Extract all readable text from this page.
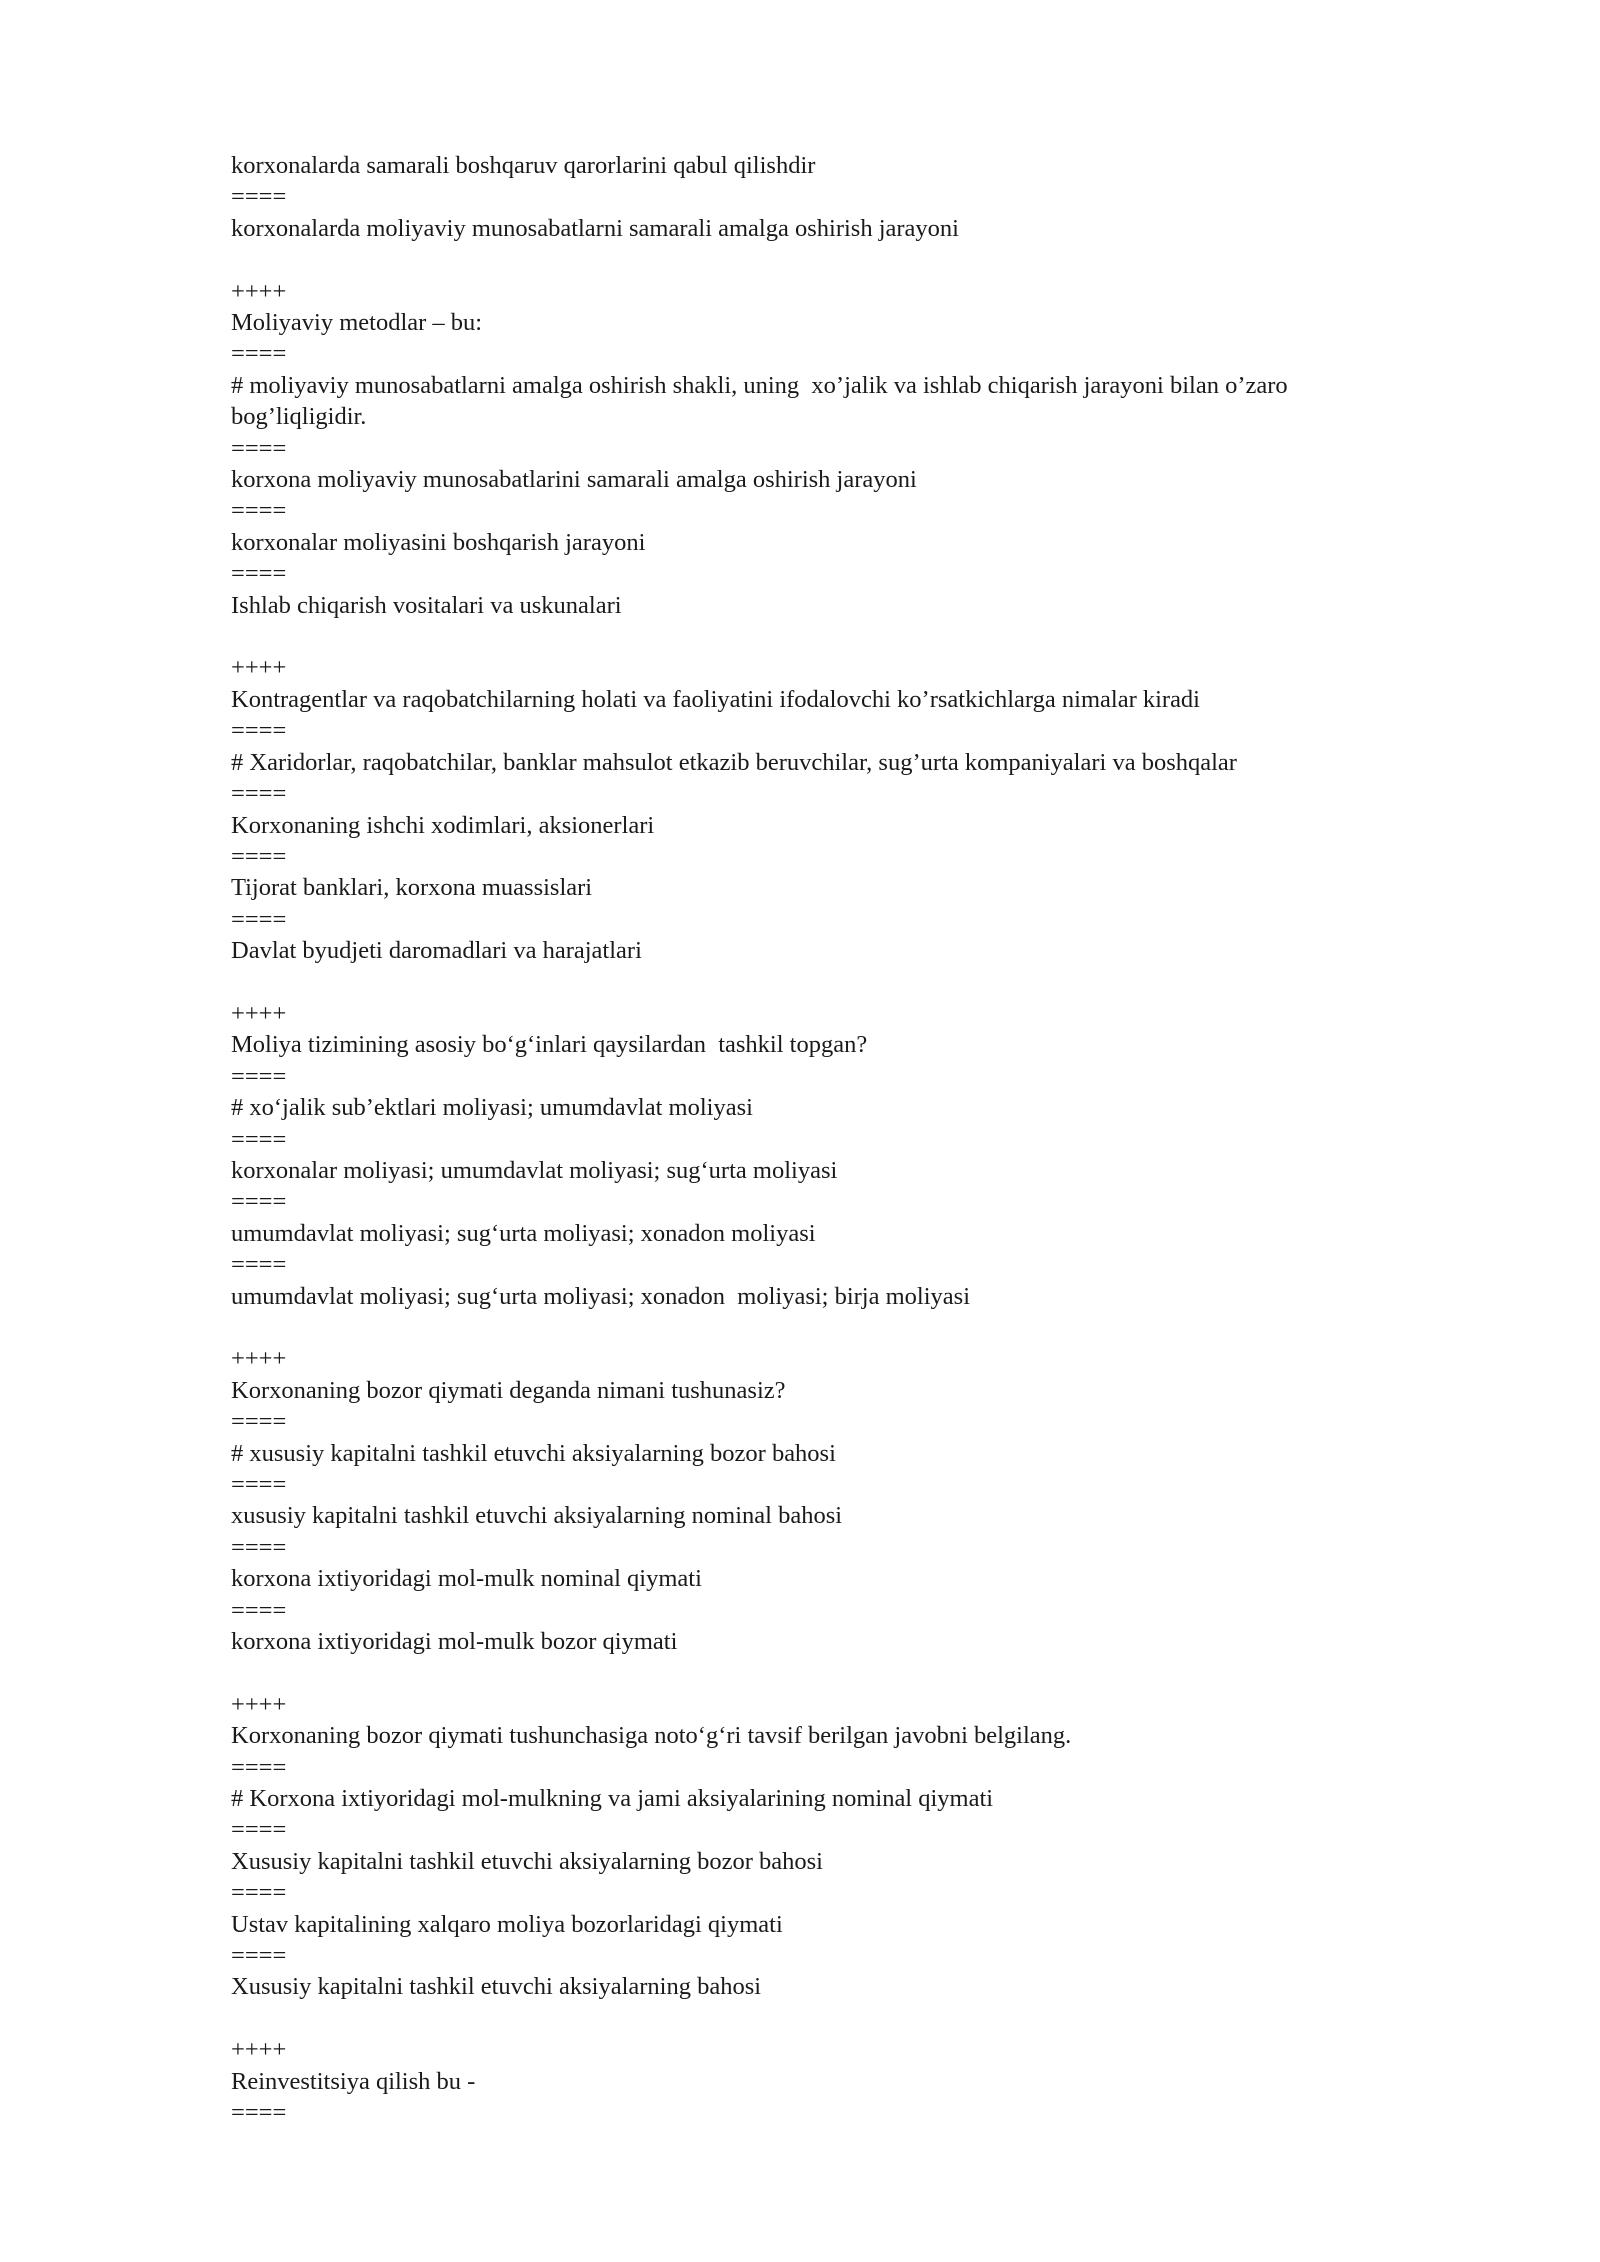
korxonalarda samarali boshqaruv qarorlarini qabul qilishdir
====
korxonalarda moliyaviy munosabatlarni samarali amalga oshirish jarayoni
++++
Moliyaviy metodlar – bu:
====
# moliyaviy munosabatlarni amalga oshirish shakli, uning  xo’jalik va ishlab chiqarish jarayoni bilan o’zaro bog’liqligidir.
====
korxona moliyaviy munosabatlarini samarali amalga oshirish jarayoni
====
korxonalar moliyasini boshqarish jarayoni
====
Ishlab chiqarish vositalari va uskunalari
++++
Kontragentlar va raqobatchilarning holati va faoliyatini ifodalovchi ko’rsatkichlarga nimalar kiradi
====
# Xaridorlar, raqobatchilar, banklar mahsulot etkazib beruvchilar, sug’urta kompaniyalari va boshqalar
====
Korxonaning ishchi xodimlari, aksionerlari
====
Tijorat banklari, korxona muassislari
====
Davlat byudjeti daromadlari va harajatlari
++++
Moliya tizimining asosiy bo‘g‘inlari qaysilardan  tashkil topgan?
====
# xo‘jalik sub’ektlari moliyasi; umumdavlat moliyasi
====
korxonalar moliyasi; umumdavlat moliyasi; sug‘urta moliyasi
====
umumdavlat moliyasi; sug‘urta moliyasi; xonadon moliyasi
====
umumdavlat moliyasi; sug‘urta moliyasi; xonadon  moliyasi; birja moliyasi
++++
Korxonaning bozor qiymati deganda nimani tushunasiz?
====
# xususiy kapitalni tashkil etuvchi aksiyalarning bozor bahosi
====
xususiy kapitalni tashkil etuvchi aksiyalarning nominal bahosi
====
korxona ixtiyoridagi mol-mulk nominal qiymati
====
korxona ixtiyoridagi mol-mulk bozor qiymati
++++
Korxonaning bozor qiymati tushunchasiga noto‘g‘ri tavsif berilgan javobni belgilang.
====
# Korxona ixtiyoridagi mol-mulkning va jami aksiyalarining nominal qiymati
====
Xususiy kapitalni tashkil etuvchi aksiyalarning bozor bahosi
====
Ustav kapitalining xalqaro moliya bozorlaridagi qiymati
====
Xususiy kapitalni tashkil etuvchi aksiyalarning bahosi
++++
Reinvestitsiya qilish bu -
====
